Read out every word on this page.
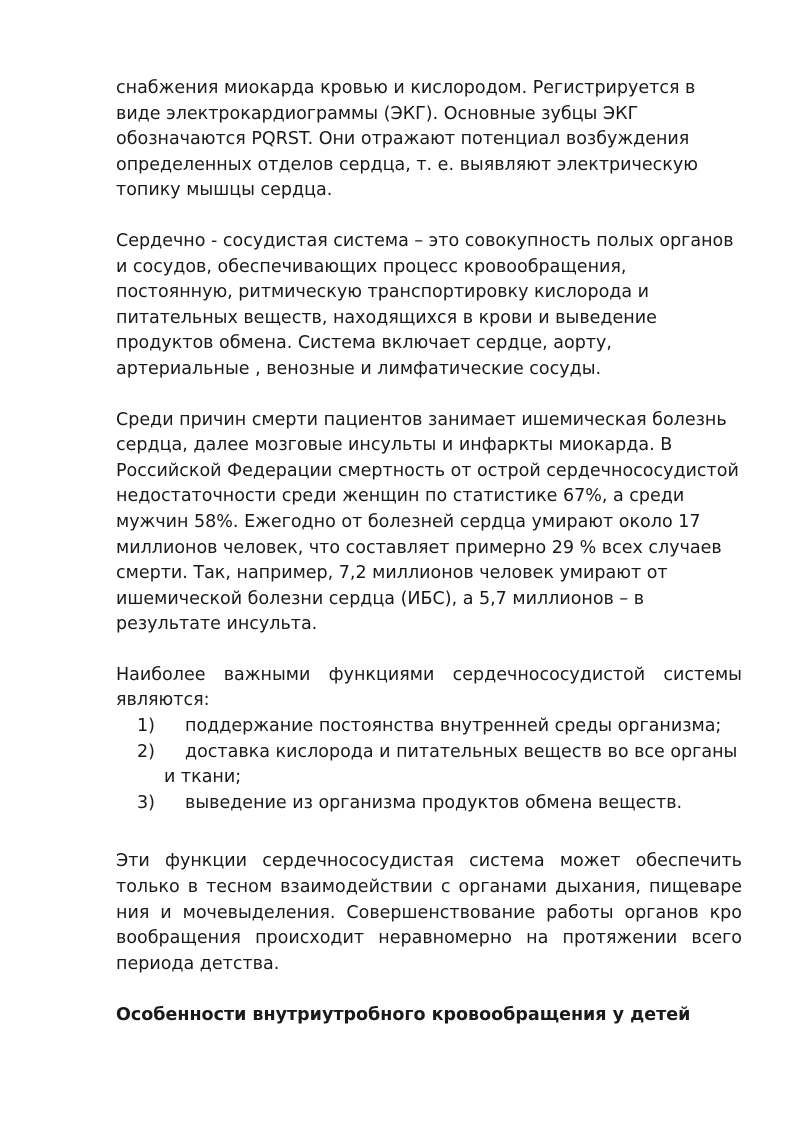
снабжения миокарда кровью и кислородом. Регистрируется в виде электрокардиограммы (ЭКГ). Основные зубцы ЭКГ обозначаются PQRST. Они отражают потенциал возбуждения определенных отделов сердца, т. е. выявляют электрическую топику мышцы сердца.

Сердечно - сосудистая система – это совокупность полых органов и сосудов, обеспечивающих процесс кровообращения, постоянную, ритмическую транспортировку кислорода и питательных веществ, находящихся в крови и выведение продуктов обмена. Система включает сердце, аорту, артериальные , венозные и лимфатические сосуды.

Среди причин смерти пациентов занимает ишемическая болезнь сердца, далее мозговые инсульты и инфаркты миокарда. В Российской Федерации смертность от острой сердечнососудистой недостаточности среди женщин по статистике 67%, а среди мужчин 58%. Ежегодно от болезней сердца умирают около 17 миллионов человек, что составляет примерно 29 % всех случаев смерти. Так, например, 7,2 миллионов человек умирают от ишемической болезни сердца (ИБС), а 5,7 миллионов – в результате инсульта.

Наиболее важными функциями сердечнососудистой системы являются:

1) поддержание постоянства внутренней среды организма;
2) доставка кислорода и питательных веществ во все органы и ткани;
3) выведение из организма продуктов обмена веществ.

Эти функции сердечнососудистая система может обеспечить только в тесном взаимодействии с органами дыхания, пищеваре ния и мочевыделения. Совершенствование работы органов кро вообращения происходит неравномерно на протяжении всего периода детства.

Особенности внутриутробного кровообращения у детей
